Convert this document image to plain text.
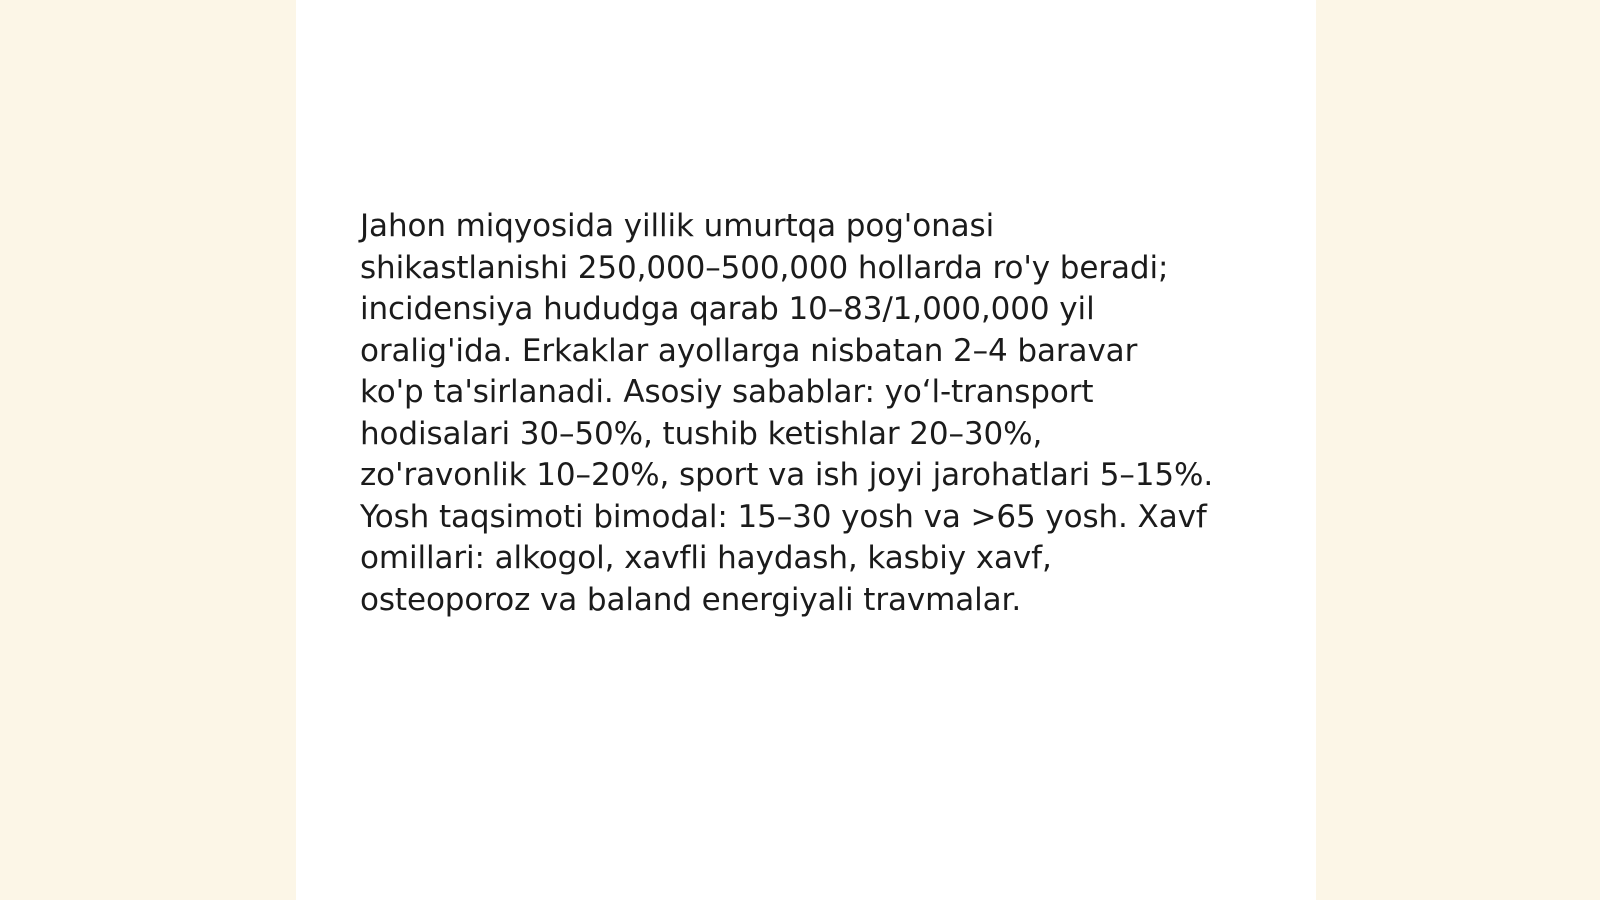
Jahon miqyosida yillik umurtqa pog'onasi
shikastlanishi 250,000–500,000 hollarda ro'y beradi;
incidensiya hududga qarab 10–83/1,000,000 yil
oralig'ida. Erkaklar ayollarga nisbatan 2–4 baravar
ko'p ta'sirlanadi. Asosiy sabablar: yo‘l-transport
hodisalari 30–50%, tushib ketishlar 20–30%,
zo'ravonlik 10–20%, sport va ish joyi jarohatlari 5–15%.
Yosh taqsimoti bimodal: 15–30 yosh va >65 yosh. Xavf
omillari: alkogol, xavfli haydash, kasbiy xavf,
osteoporoz va baland energiyali travmalar.
